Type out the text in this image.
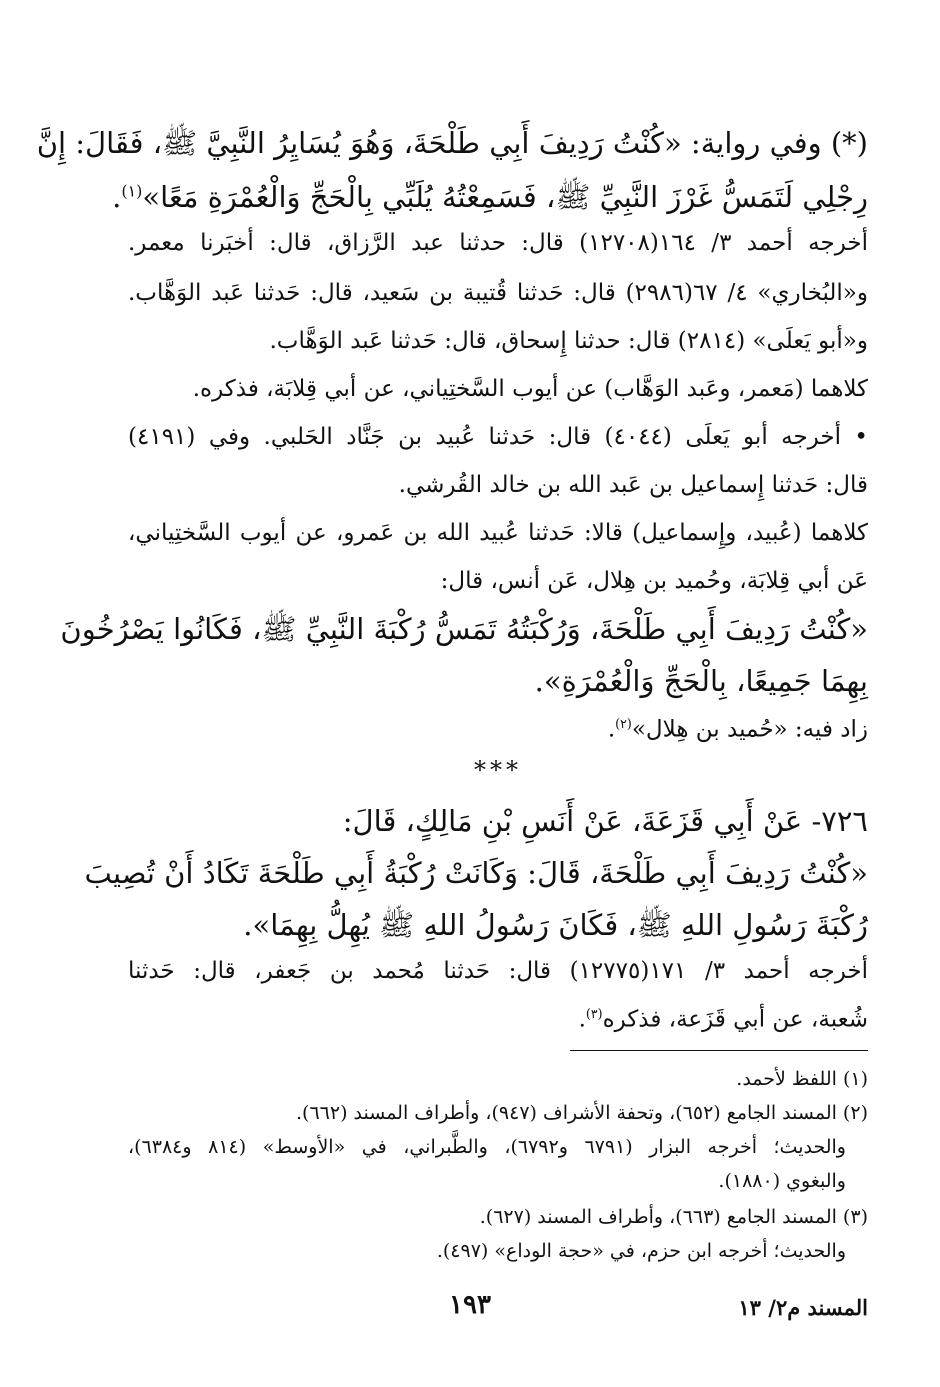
(*) وفي رواية: «كُنْتُ رَدِيفَ أَبِي طَلْحَةَ، وَهُوَ يُسَايِرُ النَّبِيَّ ﷺ، فَقَالَ: إِنَّ
رِجْلِي لَتَمَسُّ غَرْزَ النَّبِيِّ ﷺ، فَسَمِعْتُهُ يُلَبِّي بِالْحَجِّ وَالْعُمْرَةِ مَعًا»$^{(١)}$.
أخرجه أحمد ٣/ ١٦٤(١٢٧٠٨) قال: حدثنا عبد الرَّزاق، قال: أخبَرنا معمر.
و«البُخاري» ٤/ ٦٧(٢٩٨٦) قال: حَدثنا قُتيبة بن سَعيد، قال: حَدثنا عَبد الوَهَّاب.
و«أبو يَعلَى» (٢٨١٤) قال: حدثنا إِسحاق، قال: حَدثنا عَبد الوَهَّاب.
كلاهما (مَعمر، وعَبد الوَهَّاب) عن أيوب السَّختِياني، عن أبي قِلابَة، فذكره.
• أخرجه أبو يَعلَى (٤٠٤٤) قال: حَدثنا عُبيد بن جَنَّاد الحَلبي. وفي (٤١٩١)
قال: حَدثنا إِسماعيل بن عَبد الله بن خالد القُرشي.
كلاهما (عُبيد، وإِسماعيل) قالا: حَدثنا عُبيد الله بن عَمرو، عن أيوب السَّختِياني،
عَن أبي قِلابَة، وحُميد بن هِلال، عَن أنس، قال:
«كُنْتُ رَدِيفَ أَبِي طَلْحَةَ، وَرُكْبَتُهُ تَمَسُّ رُكْبَةَ النَّبِيِّ ﷺ، فَكَانُوا يَصْرُخُونَ
بِهِمَا جَمِيعًا، بِالْحَجِّ وَالْعُمْرَةِ».
زاد فيه: «حُميد بن هِلال»$^{(٢)}$.
٧٢٦- عَنْ أَبِي قَزَعَةَ، عَنْ أَنَسِ بْنِ مَالِكٍ، قَالَ:
«كُنْتُ رَدِيفَ أَبِي طَلْحَةَ، قَالَ: وَكَانَتْ رُكْبَةُ أَبِي طَلْحَةَ تَكَادُ أَنْ تُصِيبَ
رُكْبَةَ رَسُولِ اللهِ ﷺ، فَكَانَ رَسُولُ اللهِ ﷺ يُهِلُّ بِهِمَا».
أخرجه أحمد ٣/ ١٧١(١٢٧٧٥) قال: حَدثنا مُحمد بن جَعفر، قال: حَدثنا
شُعبة، عن أبي قَزَعة، فذكره$^{(٣)}$.
***
(١) اللفظ لأحمد.
(٢) المسند الجامع (٦٥٢)، وتحفة الأشراف (٩٤٧)، وأطراف المسند (٦٦٢).
والحديث؛ أخرجه البزار (٦٧٩١ و٦٧٩٢)، والطَّبراني، في «الأوسط» (٨١٤ و٦٣٨٤)،
والبغوي (١٨٨٠).
(٣) المسند الجامع (٦٦٣)، وأطراف المسند (٦٢٧).
والحديث؛ أخرجه ابن حزم، في «حجة الوداع» (٤٩٧).
١٩٣	المسند م٢/ ١٣
